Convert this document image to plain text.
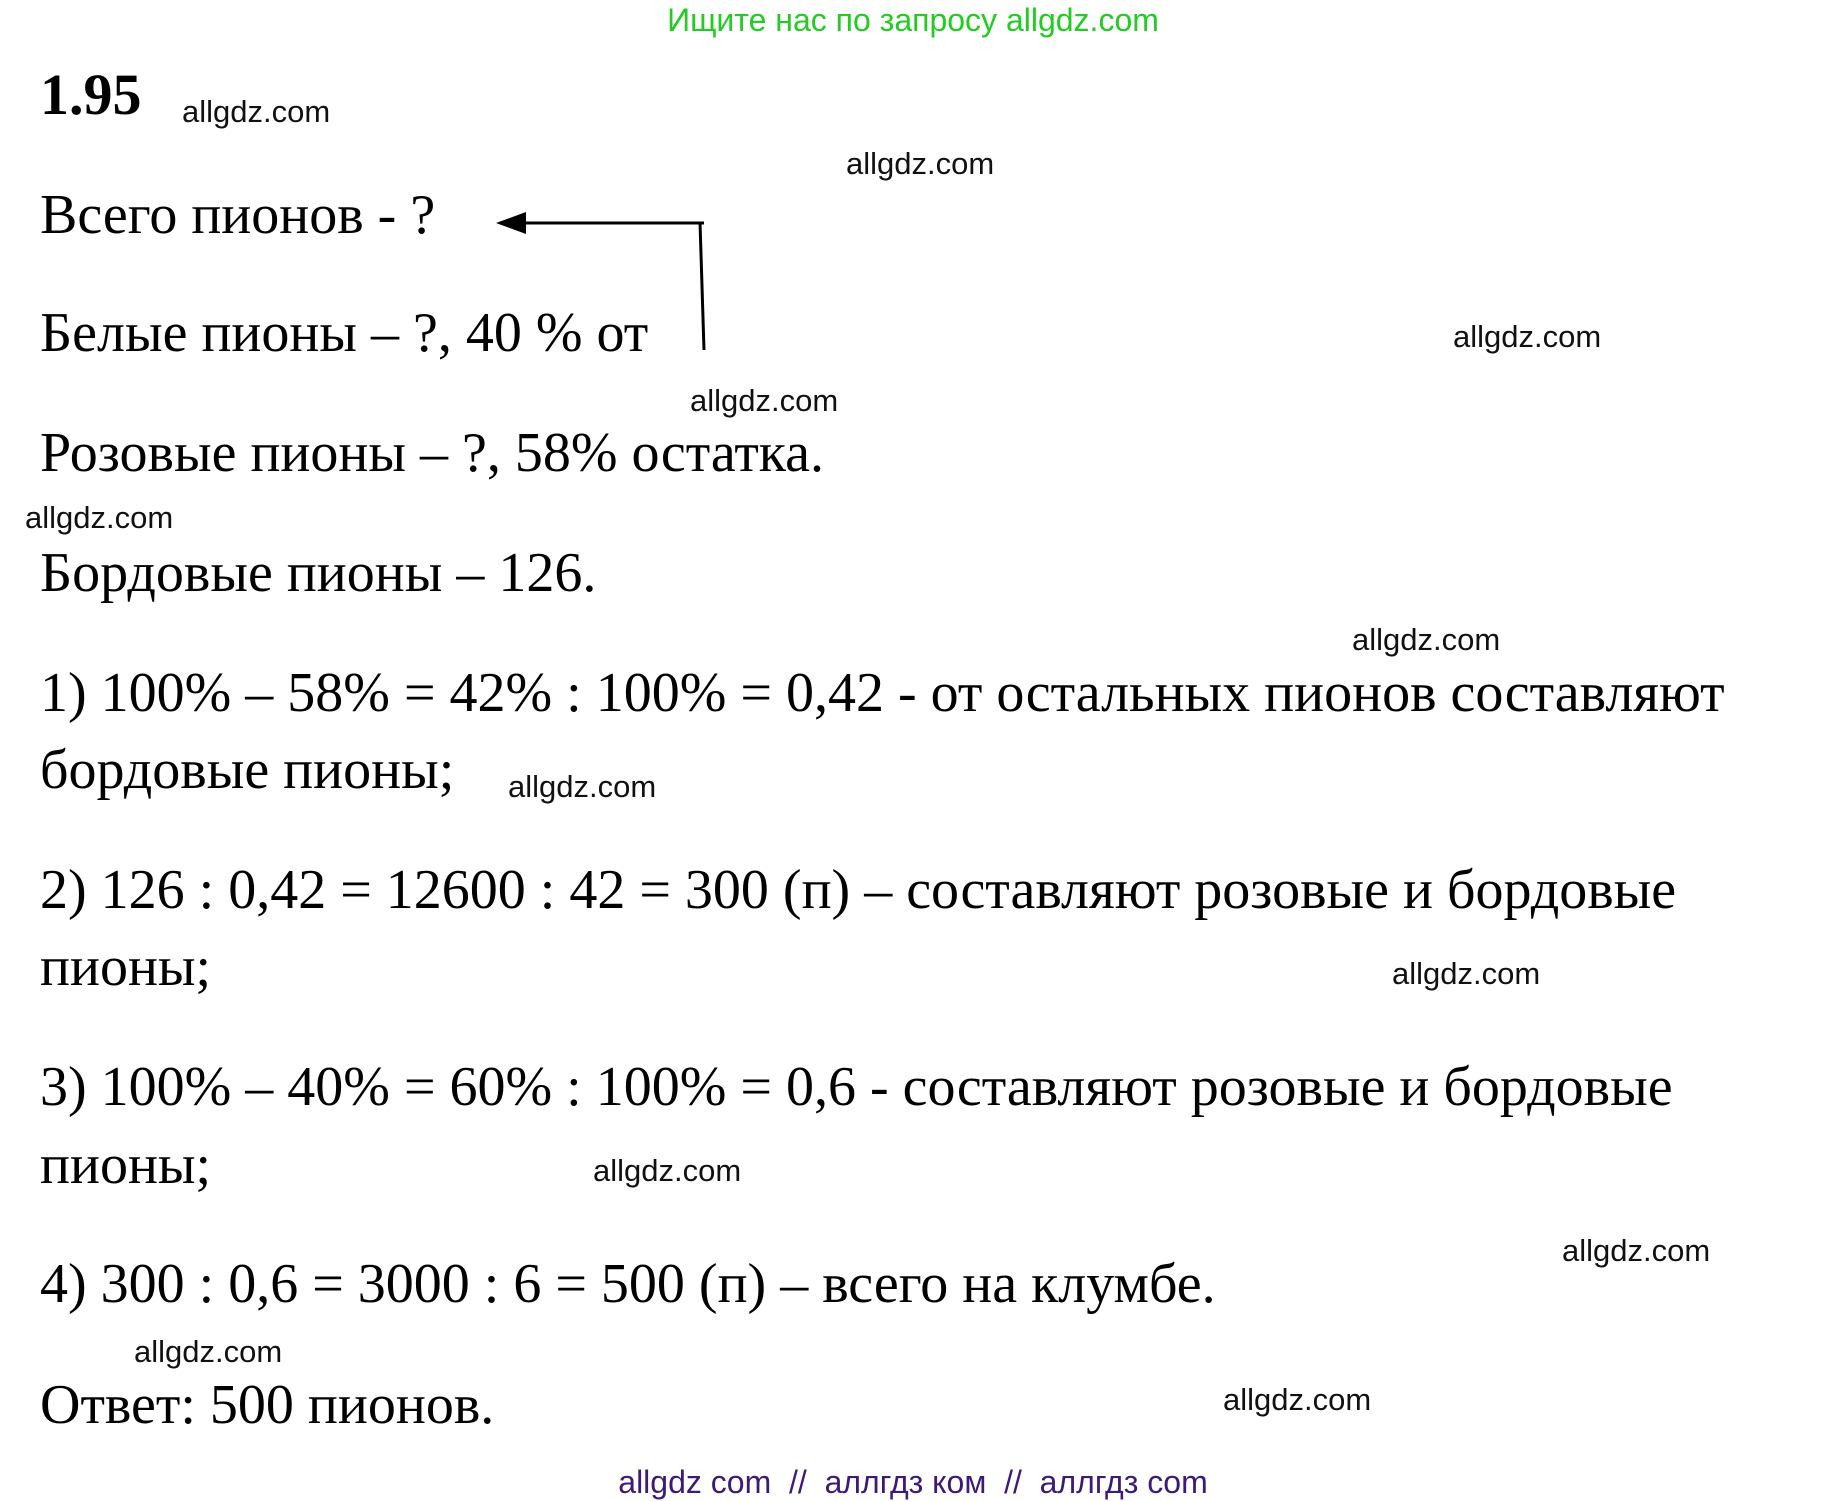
Ищите нас по запросу allgdz.com
1.95
Всего пионов - ?
Белые пионы – ?, 40 % от
Розовые пионы – ?, 58% остатка.
Бордовые пионы – 126.
1) 100% – 58% = 42% : 100% = 0,42 - от остальных пионов составляют
бордовые пионы;
2) 126 : 0,42 = 12600 : 42 = 300 (п) – составляют розовые и бордовые
пионы;
3) 100% – 40% = 60% : 100% = 0,6 - составляют розовые и бордовые
пионы;
4) 300 : 0,6 = 3000 : 6 = 500 (п) – всего на клумбе.
Ответ: 500 пионов.
allgdz.com
allgdz.com
allgdz.com
allgdz.com
allgdz.com
allgdz.com
allgdz.com
allgdz.com
allgdz.com
allgdz.com
allgdz.com
allgdz.com
allgdz com  //  аллгдз ком  //  аллгдз com
